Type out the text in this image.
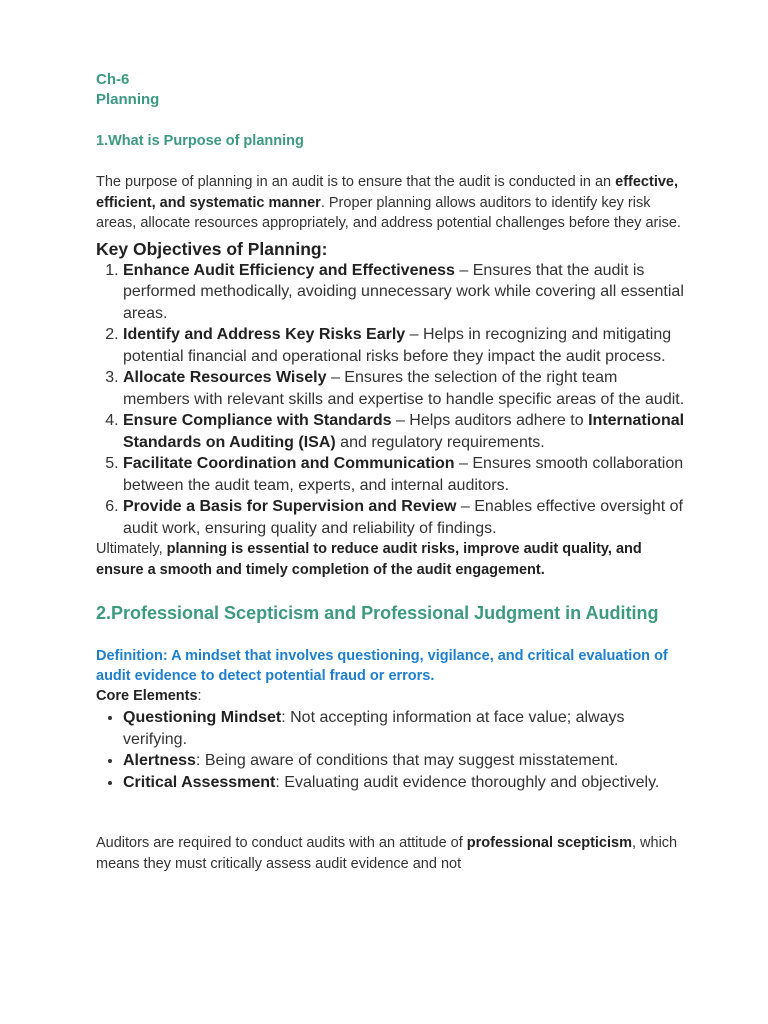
Ch-6
Planning
1.What is Purpose of planning
The purpose of planning in an audit is to ensure that the audit is conducted in an effective, efficient, and systematic manner. Proper planning allows auditors to identify key risk areas, allocate resources appropriately, and address potential challenges before they arise.
Key Objectives of Planning:
1. Enhance Audit Efficiency and Effectiveness – Ensures that the audit is performed methodically, avoiding unnecessary work while covering all essential areas.
2. Identify and Address Key Risks Early – Helps in recognizing and mitigating potential financial and operational risks before they impact the audit process.
3. Allocate Resources Wisely – Ensures the selection of the right team members with relevant skills and expertise to handle specific areas of the audit.
4. Ensure Compliance with Standards – Helps auditors adhere to International Standards on Auditing (ISA) and regulatory requirements.
5. Facilitate Coordination and Communication – Ensures smooth collaboration between the audit team, experts, and internal auditors.
6. Provide a Basis for Supervision and Review – Enables effective oversight of audit work, ensuring quality and reliability of findings.
Ultimately, planning is essential to reduce audit risks, improve audit quality, and ensure a smooth and timely completion of the audit engagement.
2.Professional Scepticism and Professional Judgment in Auditing
Definition: A mindset that involves questioning, vigilance, and critical evaluation of audit evidence to detect potential fraud or errors.
Core Elements:
• Questioning Mindset: Not accepting information at face value; always verifying.
• Alertness: Being aware of conditions that may suggest misstatement.
• Critical Assessment: Evaluating audit evidence thoroughly and objectively.
Auditors are required to conduct audits with an attitude of professional scepticism, which means they must critically assess audit evidence and not
